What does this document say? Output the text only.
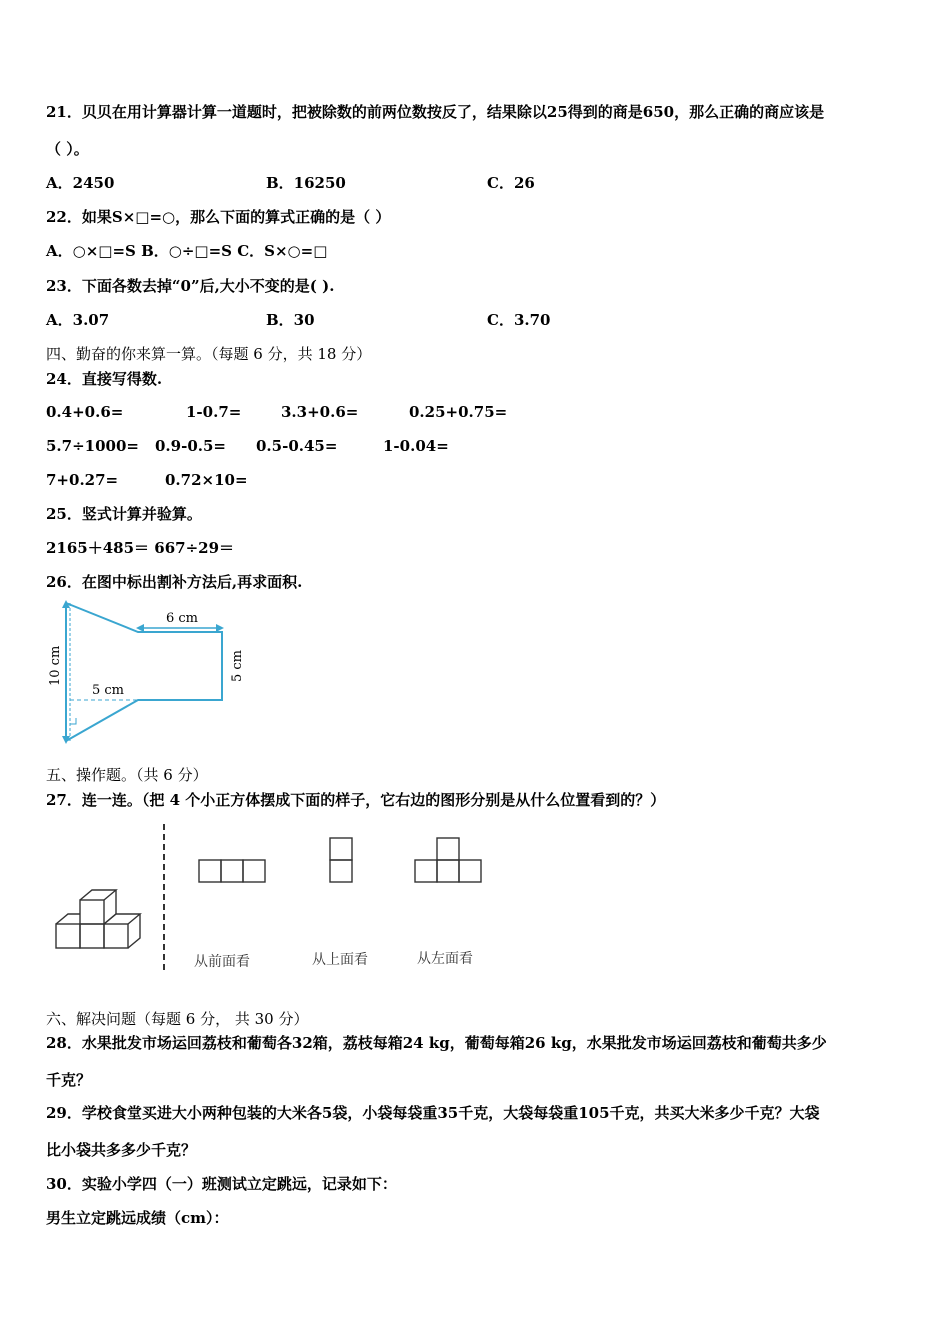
21．贝贝在用计算器计算一道题时，把被除数的前两位数按反了，结果除以25得到的商是650，那么正确的商应该是
（ ）。
A．2450	B．16250	C．26
22．如果S×□=○，那么下面的算式正确的是（ ）
A．○×□=S B．○÷□=S C．S×○=□
23．下面各数去掉“0”后,大小不变的是( ).
A．3.07	B．30	C．3.70
四、勤奋的你来算一算。（每题 6 分，共 18 分）
24．直接写得数.
0.4+0.6=	1-0.7=	3.3+0.6=	0.25+0.75=
5.7÷1000= 0.9-0.5= 0.5-0.45=	1-0.04=
7+0.27=	0.72×10=
25．竖式计算并验算。
2165＋485＝ 667÷29＝
26．在图中标出割补方法后,再求面积.
6 cm
5 cm
10 cm	5 cm
五、操作题。（共 6 分）
27．连一连。（把 4 个小正方体摆成下面的样子，它右边的图形分别是从什么位置看到的？）
从前面看	从上面看	从左面看
六、解决问题（每题 6 分， 共 30 分）
28．水果批发市场运回荔枝和葡萄各32箱，荔枝每箱24 kg，葡萄每箱26 kg，水果批发市场运回荔枝和葡萄共多少
千克？
29．学校食堂买进大小两种包装的大米各5袋，小袋每袋重35千克，大袋每袋重105千克，共买大米多少千克？大袋
比小袋共多多少千克？
30．实验小学四（一）班测试立定跳远，记录如下：
男生立定跳远成绩（cm）：
